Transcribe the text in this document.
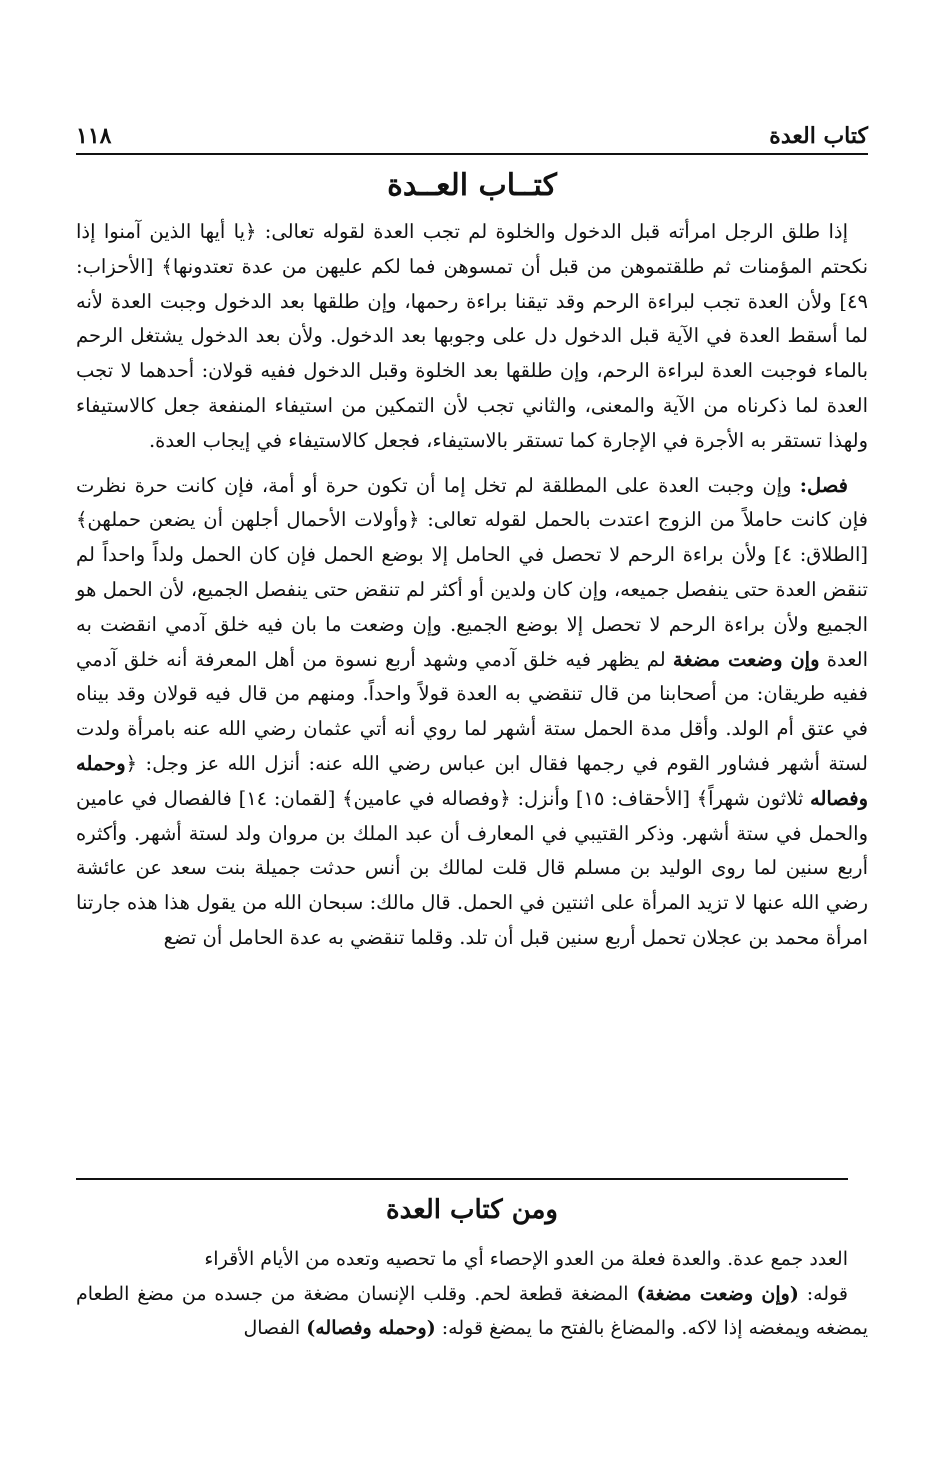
كتاب العدة
١١٨
كتــاب العــدة

إذا طلق الرجل امرأته قبل الدخول والخلوة لم تجب العدة لقوله تعالى: ﴿يا أيها الذين آمنوا إذا نكحتم المؤمنات ثم طلقتموهن من قبل أن تمسوهن فما لكم عليهن من عدة تعتدونها﴾ [الأحزاب: ٤٩] ولأن العدة تجب لبراءة الرحم وقد تيقنا براءة رحمها، وإن طلقها بعد الدخول وجبت العدة لأنه لما أسقط العدة في الآية قبل الدخول دل على وجوبها بعد الدخول. ولأن بعد الدخول يشتغل الرحم بالماء فوجبت العدة لبراءة الرحم، وإن طلقها بعد الخلوة وقبل الدخول ففيه قولان: أحدهما لا تجب العدة لما ذكرناه من الآية والمعنى، والثاني تجب لأن التمكين من استيفاء المنفعة جعل كالاستيفاء ولهذا تستقر به الأجرة في الإجارة كما تستقر بالاستيفاء، فجعل كالاستيفاء في إيجاب العدة.

فصل: وإن وجبت العدة على المطلقة لم تخل إما أن تكون حرة أو أمة، فإن كانت حرة نظرت فإن كانت حاملاً من الزوج اعتدت بالحمل لقوله تعالى: ﴿وأولات الأحمال أجلهن أن يضعن حملهن﴾ [الطلاق: ٤] ولأن براءة الرحم لا تحصل في الحامل إلا بوضع الحمل فإن كان الحمل ولداً واحداً لم تنقض العدة حتى ينفصل جميعه، وإن كان ولدين أو أكثر لم تنقض حتى ينفصل الجميع، لأن الحمل هو الجميع ولأن براءة الرحم لا تحصل إلا بوضع الجميع. وإن وضعت ما بان فيه خلق آدمي انقضت به العدة وإن وضعت مضغة لم يظهر فيه خلق آدمي وشهد أربع نسوة من أهل المعرفة أنه خلق آدمي ففيه طريقان: من أصحابنا من قال تنقضي به العدة قولاً واحداً. ومنهم من قال فيه قولان وقد بيناه في عتق أم الولد. وأقل مدة الحمل ستة أشهر لما روي أنه أتي عثمان رضي الله عنه بامرأة ولدت لستة أشهر فشاور القوم في رجمها فقال ابن عباس رضي الله عنه: أنزل الله عز وجل: ﴿وحمله وفصاله ثلاثون شهراً﴾ [الأحقاف: ١٥] وأنزل: ﴿وفصاله في عامين﴾ [لقمان: ١٤] فالفصال في عامين والحمل في ستة أشهر. وذكر القتيبي في المعارف أن عبد الملك بن مروان ولد لستة أشهر. وأكثره أربع سنين لما روى الوليد بن مسلم قال قلت لمالك بن أنس حدثت جميلة بنت سعد عن عائشة رضي الله عنها لا تزيد المرأة على اثنتين في الحمل. قال مالك: سبحان الله من يقول هذا هذه جارتنا امرأة محمد بن عجلان تحمل أربع سنين قبل أن تلد. وقلما تنقضي به عدة الحامل أن تضع

ومن كتاب العدة

العدد جمع عدة. والعدة فعلة من العدو الإحصاء أي ما تحصيه وتعده من الأيام الأقراء

قوله: (وإن وضعت مضغة) المضغة قطعة لحم. وقلب الإنسان مضغة من جسده من مضغ الطعام يمضغه ويمغضه إذا لاكه. والمضاغ بالفتح ما يمضغ قوله: (وحمله وفصاله) الفصال
